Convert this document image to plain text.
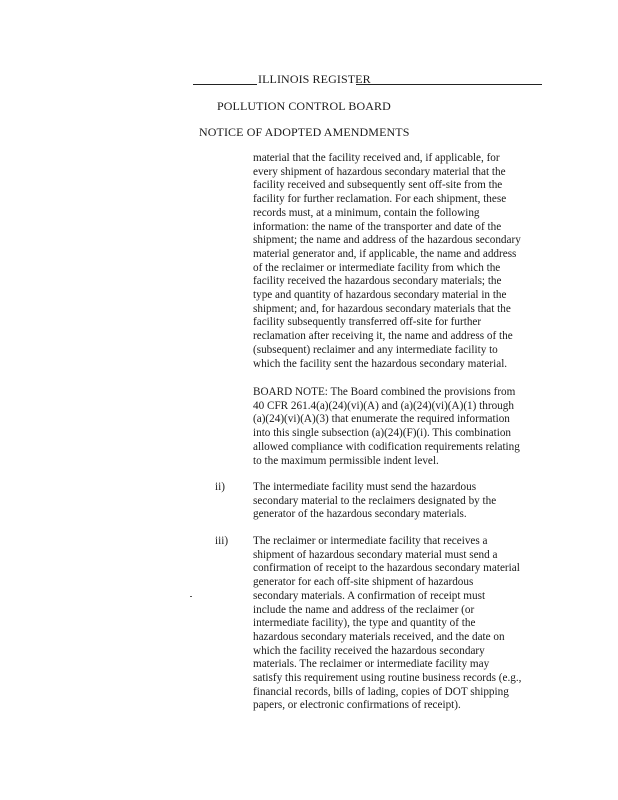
ILLINOIS REGISTER
POLLUTION CONTROL BOARD
NOTICE OF ADOPTED AMENDMENTS
material that the facility received and, if applicable, for
every shipment of hazardous secondary material that the
facility received and subsequently sent off-site from the
facility for further reclamation. For each shipment, these
records must, at a minimum, contain the following
information: the name of the transporter and date of the
shipment; the name and address of the hazardous secondary
material generator and, if applicable, the name and address
of the reclaimer or intermediate facility from which the
facility received the hazardous secondary materials; the
type and quantity of hazardous secondary material in the
shipment; and, for hazardous secondary materials that the
facility subsequently transferred off-site for further
reclamation after receiving it, the name and address of the
(subsequent) reclaimer and any intermediate facility to
which the facility sent the hazardous secondary material.
BOARD NOTE: The Board combined the provisions from
40 CFR 261.4(a)(24)(vi)(A) and (a)(24)(vi)(A)(1) through
(a)(24)(vi)(A)(3) that enumerate the required information
into this single subsection (a)(24)(F)(i). This combination
allowed compliance with codification requirements relating
to the maximum permissible indent level.
ii)	The intermediate facility must send the hazardous
secondary material to the reclaimers designated by the
generator of the hazardous secondary materials.
iii) The reclaimer or intermediate facility that receives a
shipment of hazardous secondary material must send a
confirmation of receipt to the hazardous secondary material
generator for each off-site shipment of hazardous
secondary materials. A confirmation of receipt must
include the name and address of the reclaimer (or
intermediate facility), the type and quantity of the
hazardous secondary materials received, and the date on
which the facility received the hazardous secondary
materials. The reclaimer or intermediate facility may
satisfy this requirement using routine business records (e.g.,
financial records, bills of lading, copies of DOT shipping
papers, or electronic confirmations of receipt).
